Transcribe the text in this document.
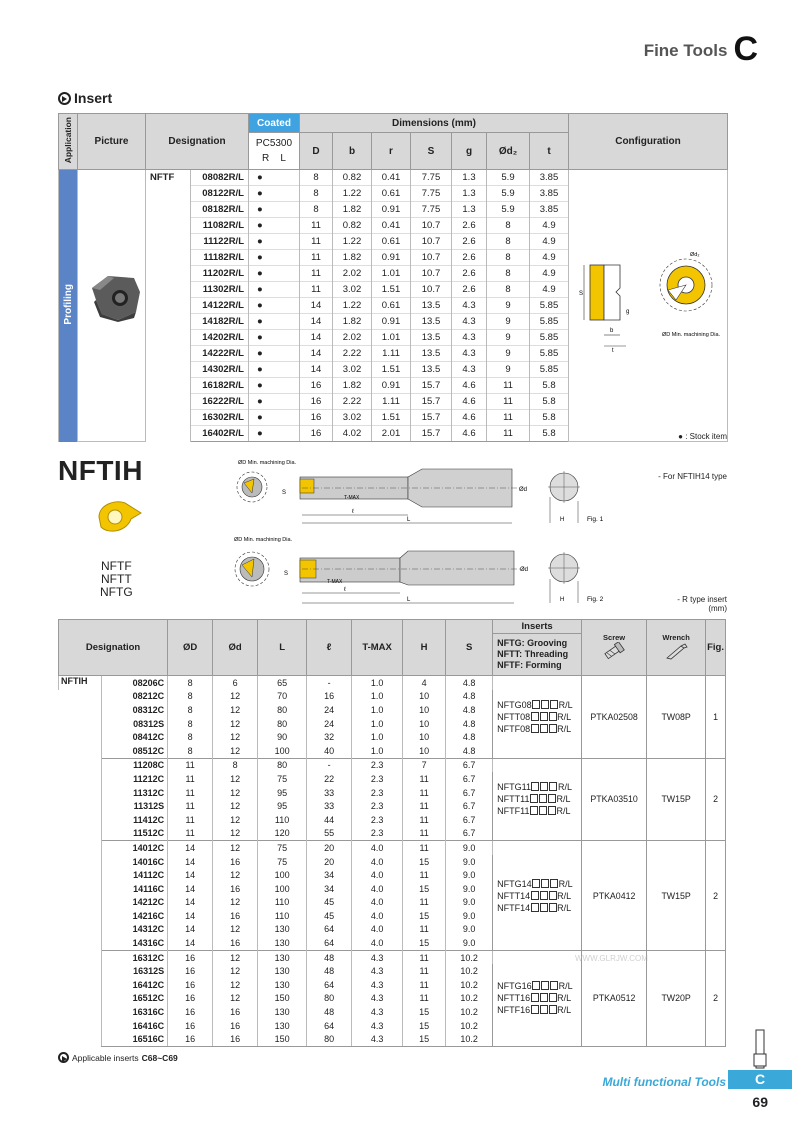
Fine Tools C
Insert
Application	Picture	Designation		Coated	Dimensions (mm)							Configuration

				PC5300
R L	D	b	r	S	g	Ød₂	t	
Profiling		NFTF	08082R/L	●	8	0.82	0.41	7.75	1.3	5.9	3.85	
			08122R/L	●	8	1.22	0.61	7.75	1.3	5.9	3.85	
			08182R/L	●	8	1.82	0.91	7.75	1.3	5.9	3.85	
			11082R/L	●	11	0.82	0.41	10.7	2.6	8	4.9	
			11122R/L	●	11	1.22	0.61	10.7	2.6	8	4.9	
			11182R/L	●	11	1.82	0.91	10.7	2.6	8	4.9	
			11202R/L	●	11	2.02	1.01	10.7	2.6	8	4.9	
			11302R/L	●	11	3.02	1.51	10.7	2.6	8	4.9	
			14122R/L	●	14	1.22	0.61	13.5	4.3	9	5.85	
			14182R/L	●	14	1.82	0.91	13.5	4.3	9	5.85	
			14202R/L	●	14	2.02	1.01	13.5	4.3	9	5.85	
			14222R/L	●	14	2.22	1.11	13.5	4.3	9	5.85	
			14302R/L	●	14	3.02	1.51	13.5	4.3	9	5.85	
			16182R/L	●	16	1.82	0.91	15.7	4.6	11	5.8	
			16222R/L	●	16	2.22	1.11	15.7	4.6	11	5.8	
			16302R/L	●	16	3.02	1.51	15.7	4.6	11	5.8	
			16402R/L	●	16	4.02	2.01	15.7	4.6	11	5.8		● : Stock item
S
b
t
g
Ød₂
ØD Min. machining Dia.
NFTIH
NFTF
NFTT
NFTG
- For NFTIH14 type
ØD Min. machining Dia.
S
T-MAX
ℓ
L
Ød
H	Fig. 1
ØD Min. machining Dia.
S
T-MAX
ℓ
L
Ød
H	Fig. 2	- R type insert
(mm)
Designation		ØD	Ød	L	ℓ	T-MAX	H	S	Inserts	Screw	Wrench	Fig.

									NFTG: Grooving
NFTT: Threading
NFTF: Forming			

NFTIH	08206C	8	6	65	-	1.0	4	4.8	NFTG08 R/L
NFTT08 R/L
NFTF08 R/L	PTKA02508	TW08P	1
	08212C	8	12	70	16	1.0	10	4.8				
	08312C	8	12	80	24	1.0	10	4.8				
	08312S	8	12	80	24	1.0	10	4.8				
	08412C	8	12	90	32	1.0	10	4.8				
	08512C	8	12	100	40	1.0	10	4.8				
	11208C	11	8	80	-	2.3	7	6.7	NFTG11 R/L
NFTT11 R/L
NFTF11 R/L	PTKA03510	TW15P	2
	11212C	11	12	75	22	2.3	11	6.7				
	11312C	11	12	95	33	2.3	11	6.7				
	11312S	11	12	95	33	2.3	11	6.7				
	11412C	11	12	110	44	2.3	11	6.7				
	11512C	11	12	120	55	2.3	11	6.7				
	14012C	14	12	75	20	4.0	11	9.0	NFTG14 R/L
NFTT14 R/L
NFTF14 R/L	PTKA0412	TW15P	2
	14016C	14	16	75	20	4.0	15	9.0				
	14112C	14	12	100	34	4.0	11	9.0				
	14116C	14	16	100	34	4.0	15	9.0				
	14212C	14	12	110	45	4.0	11	9.0				
	14216C	14	16	110	45	4.0	15	9.0				
	14312C	14	12	130	64	4.0	11	9.0				
	14316C	14	16	130	64	4.0	15	9.0				
	16312C	16	12	130	48	4.3	11	10.2	NFTG16 R/L
NFTT16 R/L
NFTF16 R/L	PTKA0512	TW20P	2
	16312S	16	12	130	48	4.3	11	10.2				
	16412C	16	12	130	64	4.3	11	10.2				
	16512C	16	12	150	80	4.3	11	10.2				
	16316C	16	16	130	48	4.3	15	10.2				
	16416C	16	16	130	64	4.3	15	10.2				
	16516C	16	16	150	80	4.3	15	10.2				
Applicable inserts C68~C69
WWW.GLRJW.COM
Multi functional Tools	C
69
